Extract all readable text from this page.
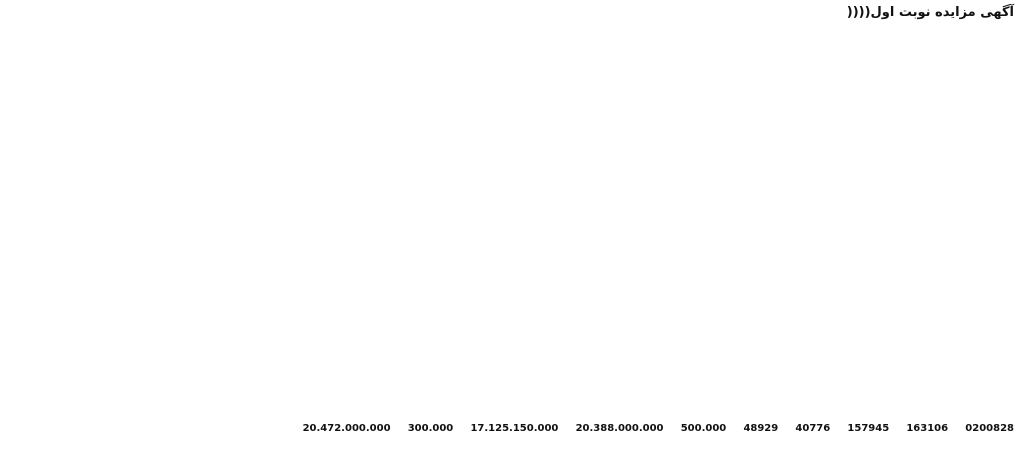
آگهی مزایده نوبت اول((((
0200828 163106 157945 40776 48929 500.000 20.388.000.000 17.125.150.000 300.000 20.472.000.000
